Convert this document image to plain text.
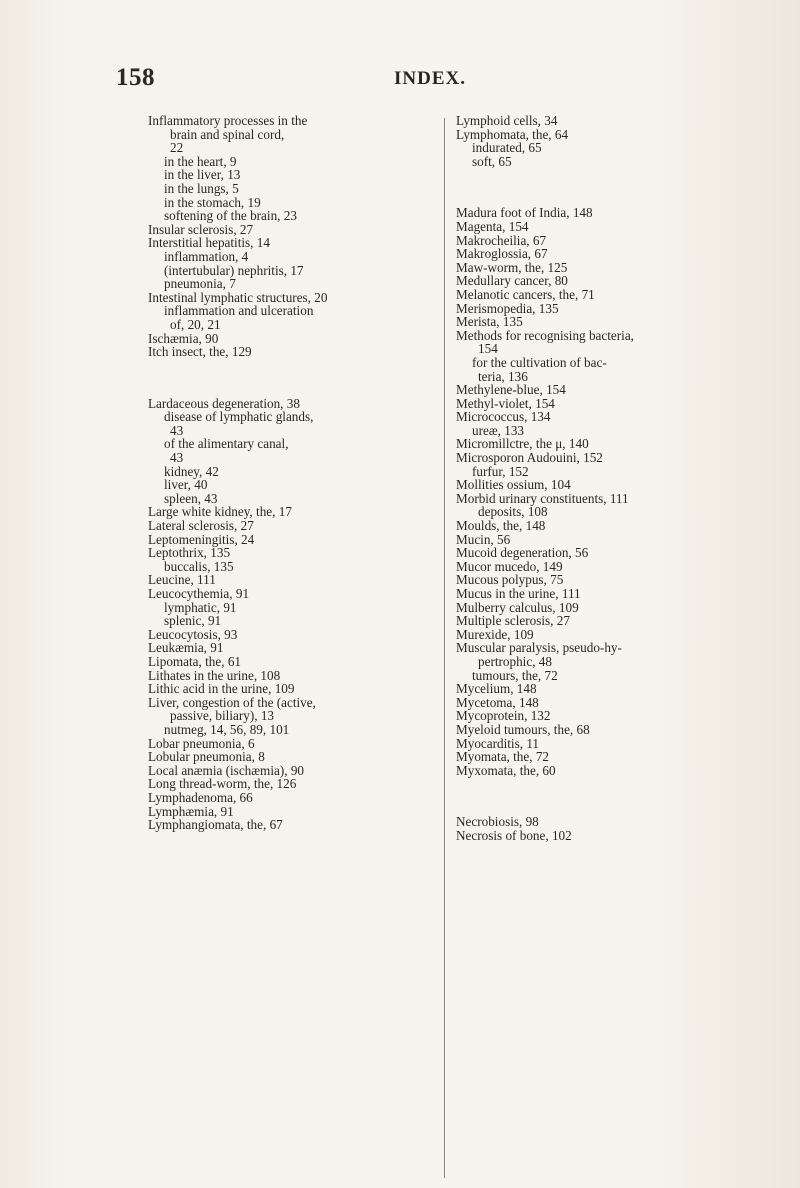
158	INDEX.
Inflammatory processes in the
brain and spinal cord,
22
in the heart, 9
in the liver, 13
in the lungs, 5
in the stomach, 19
softening of the brain, 23
Insular sclerosis, 27
Interstitial hepatitis, 14
inflammation, 4
(intertubular) nephritis, 17
pneumonia, 7
Intestinal lymphatic structures, 20
inflammation and ulceration
of, 20, 21
Ischæmia, 90
Itch insect, the, 129
Lardaceous degeneration, 38
disease of lymphatic glands,
43
of the alimentary canal,
43
kidney, 42
liver, 40
spleen, 43
Large white kidney, the, 17
Lateral sclerosis, 27
Leptomeningitis, 24
Leptothrix, 135
buccalis, 135
Leucine, 111
Leucocythemia, 91
lymphatic, 91
splenic, 91
Leucocytosis, 93
Leukæmia, 91
Lipomata, the, 61
Lithates in the urine, 108
Lithic acid in the urine, 109
Liver, congestion of the (active,
passive, biliary), 13
nutmeg, 14, 56, 89, 101
Lobar pneumonia, 6
Lobular pneumonia, 8
Local anæmia (ischæmia), 90
Long thread-worm, the, 126
Lymphadenoma, 66
Lymphæmia, 91
Lymphangiomata, the, 67
Lymphoid cells, 34
Lymphomata, the, 64
indurated, 65
soft, 65
Madura foot of India, 148
Magenta, 154
Makrocheilia, 67
Makroglossia, 67
Maw-worm, the, 125
Medullary cancer, 80
Melanotic cancers, the, 71
Merismopedia, 135
Merista, 135
Methods for recognising bacteria,
154
for the cultivation of bac-
teria, 136
Methylene-blue, 154
Methyl-violet, 154
Micrococcus, 134
ureæ, 133
Micromillctre, the μ, 140
Microsporon Audouini, 152
furfur, 152
Mollities ossium, 104
Morbid urinary constituents, 111
deposits, 108
Moulds, the, 148
Mucin, 56
Mucoid degeneration, 56
Mucor mucedo, 149
Mucous polypus, 75
Mucus in the urine, 111
Mulberry calculus, 109
Multiple sclerosis, 27
Murexide, 109
Muscular paralysis, pseudo-hy-
pertrophic, 48
tumours, the, 72
Mycelium, 148
Mycetoma, 148
Mycoprotein, 132
Myeloid tumours, the, 68
Myocarditis, 11
Myomata, the, 72
Myxomata, the, 60
Necrobiosis, 98
Necrosis of bone, 102
